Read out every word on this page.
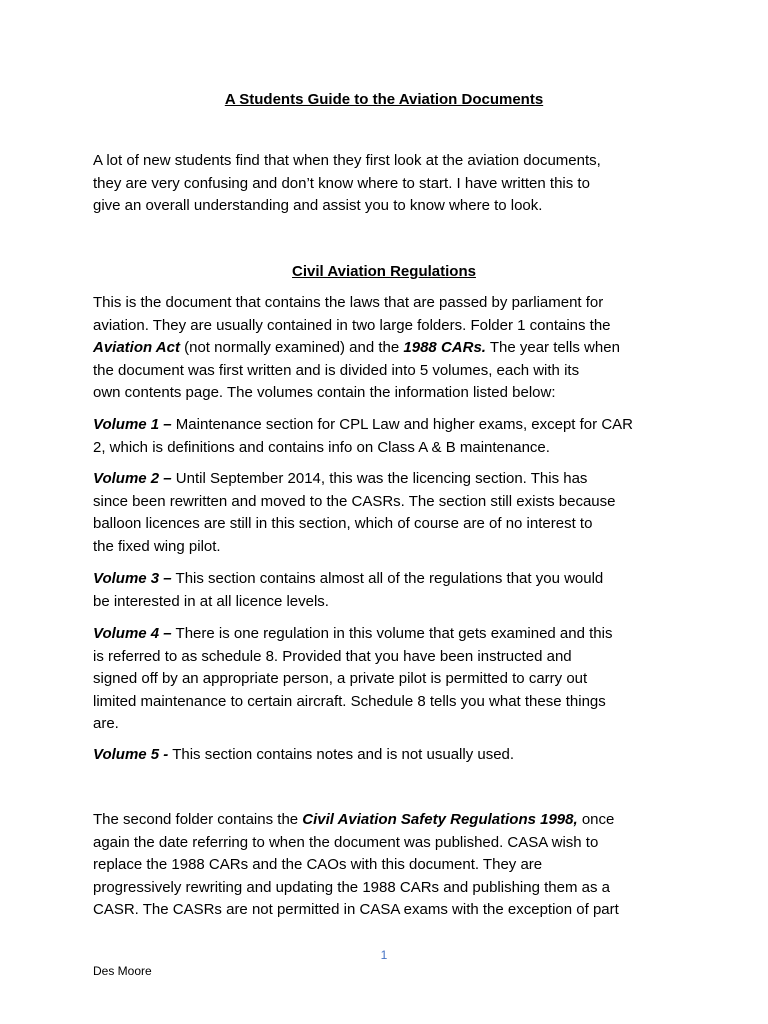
A Students Guide to the Aviation Documents

A lot of new students find that when they first look at the aviation documents,
they are very confusing and don’t know where to start. I have written this to
give an overall understanding and assist you to know where to look.

Civil Aviation Regulations

This is the document that contains the laws that are passed by parliament for
aviation. They are usually contained in two large folders. Folder 1 contains the
Aviation Act (not normally examined) and the 1988 CARs. The year tells when
the document was first written and is divided into 5 volumes, each with its
own contents page. The volumes contain the information listed below:

Volume 1 – Maintenance section for CPL Law and higher exams, except for CAR
2, which is definitions and contains info on Class A & B maintenance.

Volume 2 – Until September 2014, this was the licencing section. This has
since been rewritten and moved to the CASRs. The section still exists because
balloon licences are still in this section, which of course are of no interest to
the fixed wing pilot.

Volume 3 – This section contains almost all of the regulations that you would
be interested in at all licence levels.

Volume 4 – There is one regulation in this volume that gets examined and this
is referred to as schedule 8. Provided that you have been instructed and
signed off by an appropriate person, a private pilot is permitted to carry out
limited maintenance to certain aircraft. Schedule 8 tells you what these things
are.

Volume 5 - This section contains notes and is not usually used.

The second folder contains the Civil Aviation Safety Regulations 1998, once
again the date referring to when the document was published. CASA wish to
replace the 1988 CARs and the CAOs with this document. They are
progressively rewriting and updating the 1988 CARs and publishing them as a
CASR. The CASRs are not permitted in CASA exams with the exception of part

1
Des Moore
